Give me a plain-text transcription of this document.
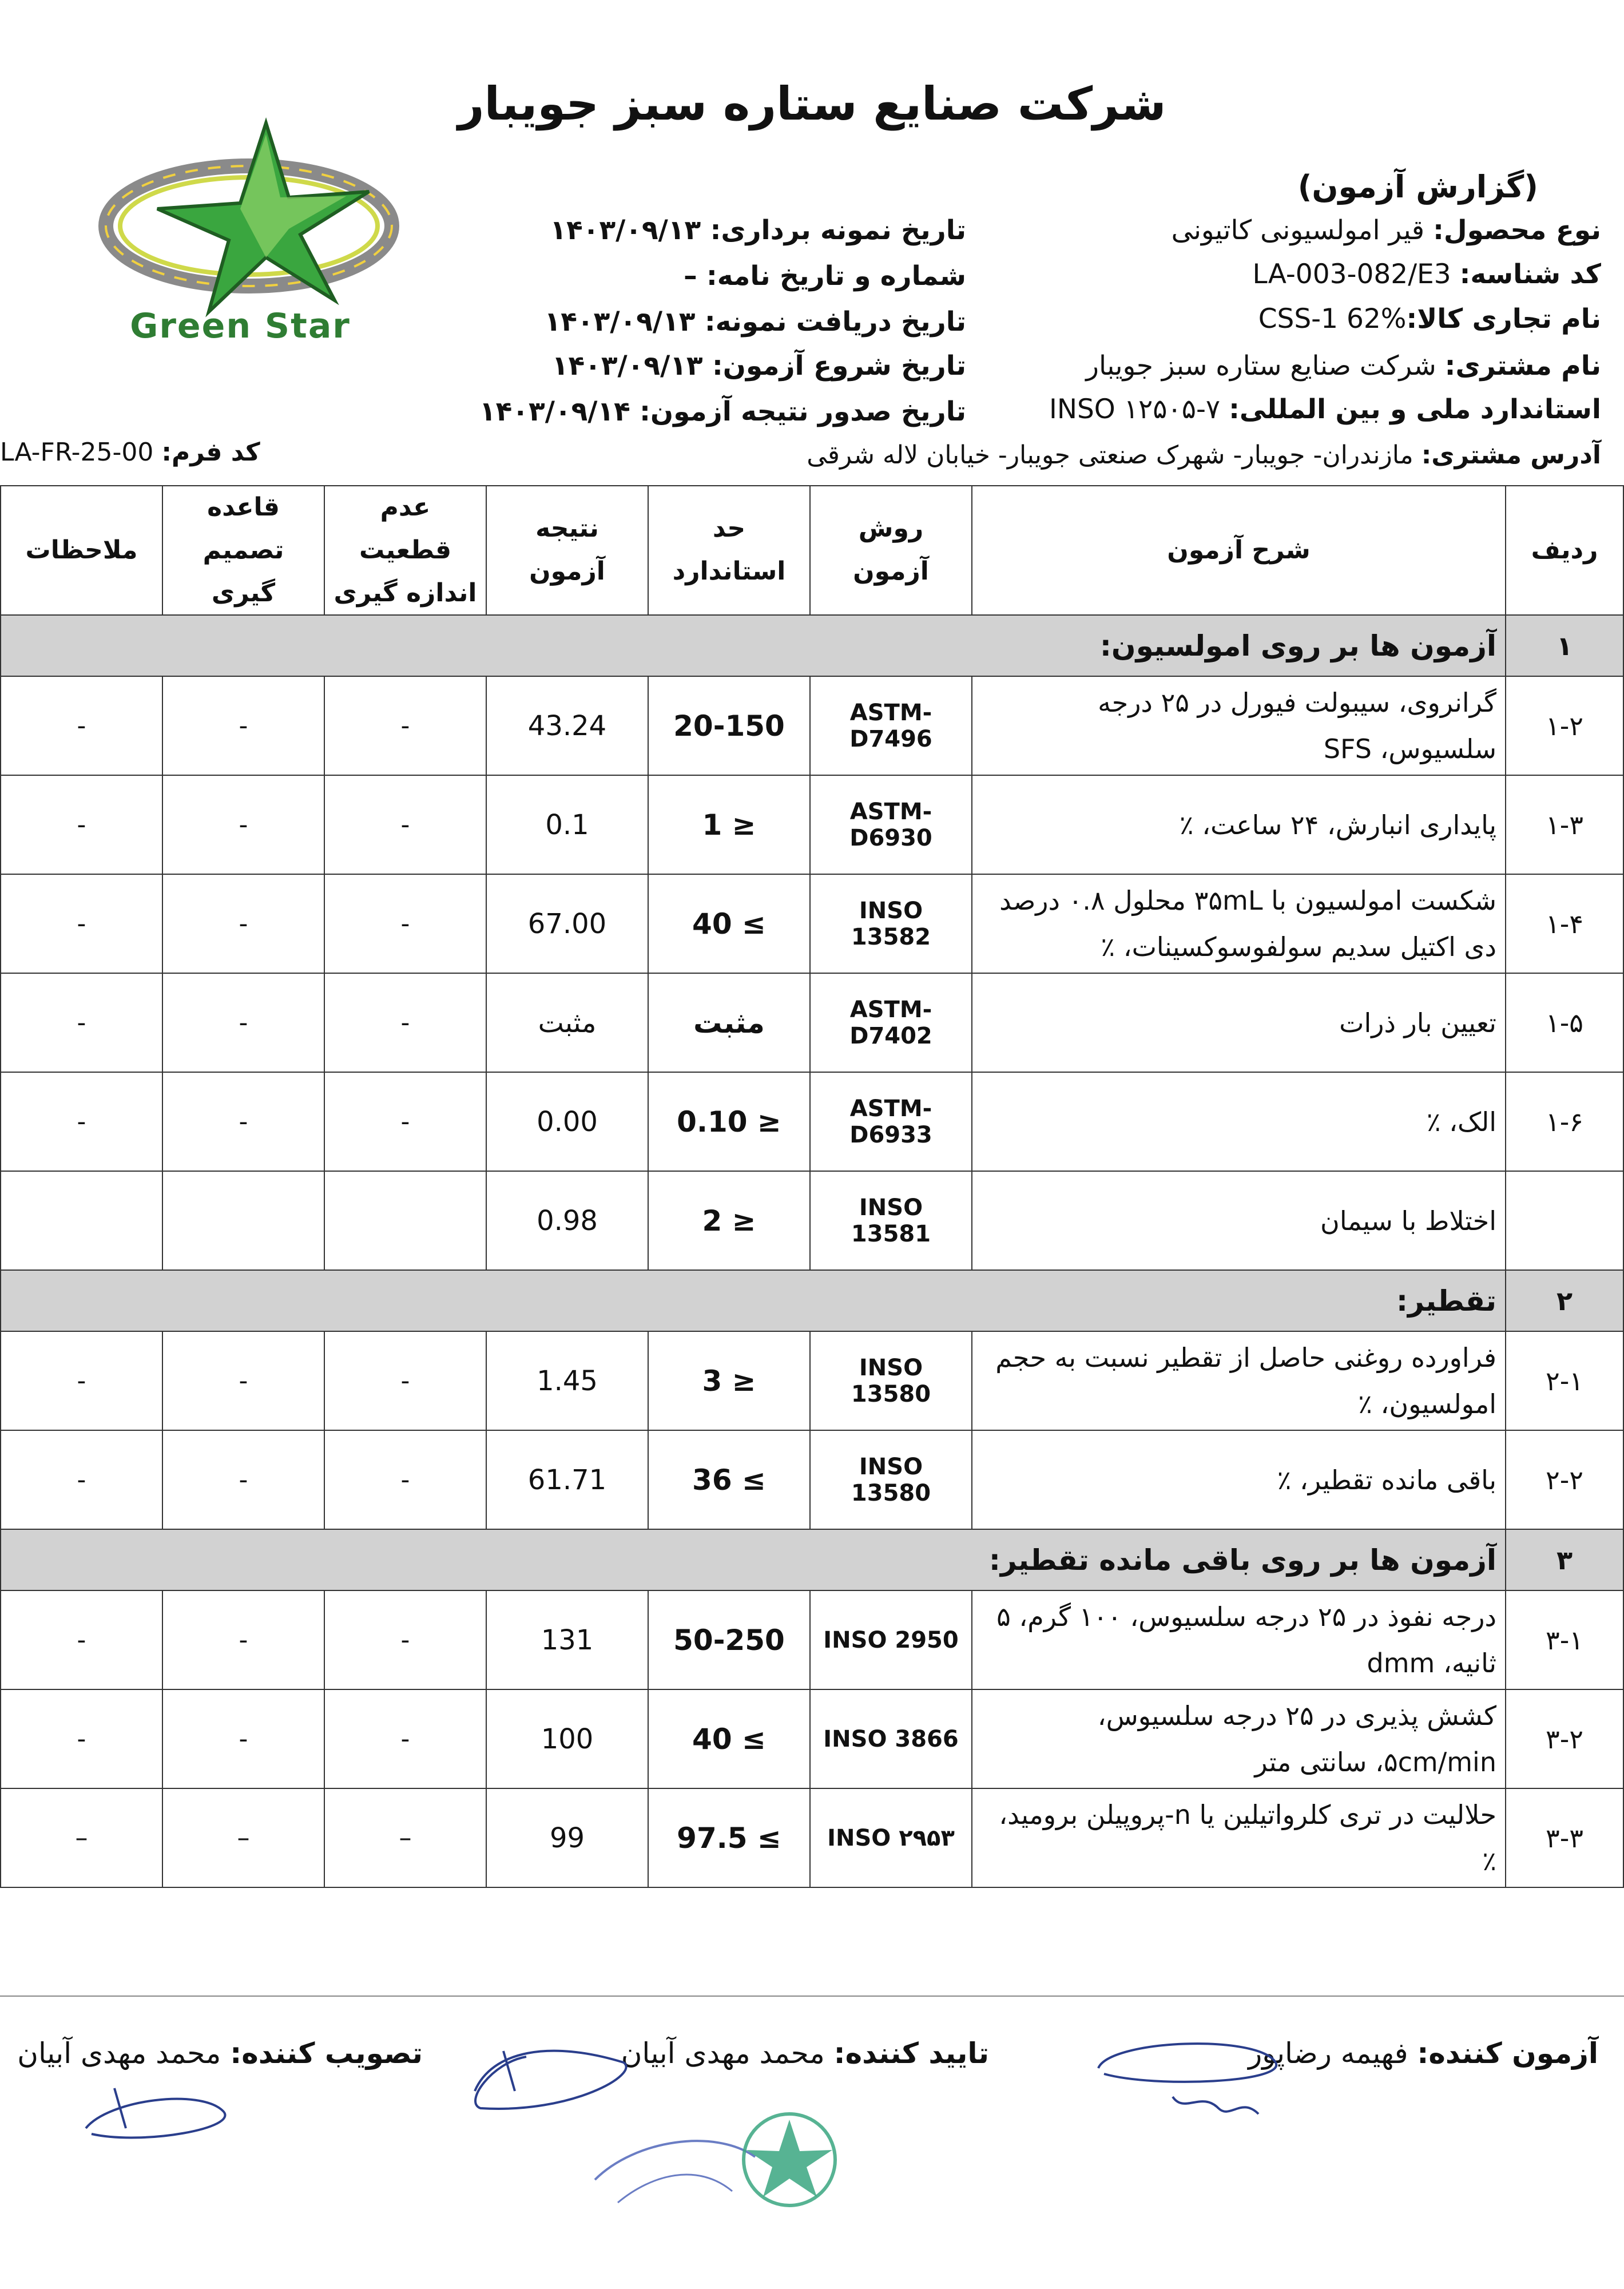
شرکت صنایع ستاره سبز جویبار
Green Star
(گزارش آزمون)
نوع محصول: قیر امولسیونی کاتیونی
کد شناسه: LA-003-082/E3
نام تجاری کالا:CSS-1 62%
نام مشتری: شرکت صنایع ستاره سبز جویبار
استاندارد ملی و بین المللی: INSO ۱۲۵۰۵-۷
تاریخ نمونه برداری: ۱۴۰۳/۰۹/۱۳
شماره و تاریخ نامه: –
تاریخ دریافت نمونه: ۱۴۰۳/۰۹/۱۳
تاریخ شروع آزمون: ۱۴۰۳/۰۹/۱۳
تاریخ صدور نتیجه آزمون: ۱۴۰۳/۰۹/۱۴
کد فرم: LA-FR-25-00	آدرس مشتری: مازندران- جویبار- شهرک صنعتی جویبار- خیابان لاله شرقی
ملاحظات	قاعده تصمیم گیری	عدم قطعیت اندازه گیری	نتیجه آزمون	حد استاندارد	روش آزمون	شرح آزمون	ردیف
آزمون ها بر روی امولسیون:							۱
-	-	-	43.24	20-150	ASTM-D7496	گرانروی، سیبولت فیورل در ۲۵ درجه سلسیوس، SFS	۱-۲
-	-	-	0.1	1 ≥	ASTM-D6930	پایداری انبارش، ۲۴ ساعت، ٪	۱-۳
-	-	-	67.00	40 ≤	INSO 13582	شکست امولسیون با ۳۵mL محلول ۰.۸ درصد دی اکتیل سدیم سولفوسوکسینات، ٪	۱-۴
-	-	-	مثبت	مثبت	ASTM-D7402	تعیین بار ذرات	۱-۵
-	-	-	0.00	0.10 ≥	ASTM-D6933	الک، ٪	۱-۶
			0.98	2 ≥	INSO 13581	اختلاط با سیمان	
تقطیر:							۲
-	-	-	1.45	3 ≥	INSO 13580	فراورده روغنی حاصل از تقطیر نسبت به حجم امولسیون، ٪	۲-۱
-	-	-	61.71	36 ≤	INSO 13580	باقی مانده تقطیر، ٪	۲-۲
آزمون ها بر روی باقی مانده تقطیر:							۳
-	-	-	131	50-250	INSO 2950	درجه نفوذ در ۲۵ درجه سلسیوس، ۱۰۰ گرم، ۵ ثانیه، dmm	۳-۱
-	-	-	100	40 ≤	INSO 3866	کشش پذیری در ۲۵ درجه سلسیوس، ۵cm/min، سانتی متر	۳-۲
–	–	–	99	97.5 ≤	INSO ۲۹۵۳	حلالیت در تری کلرواتیلین یا n-پروپیلن برومید، ٪	۳-۳
آزمون کننده: فهیمه رضاپور
تایید کننده: محمد مهدی آبیان
تصویب کننده: محمد مهدی آبیان
